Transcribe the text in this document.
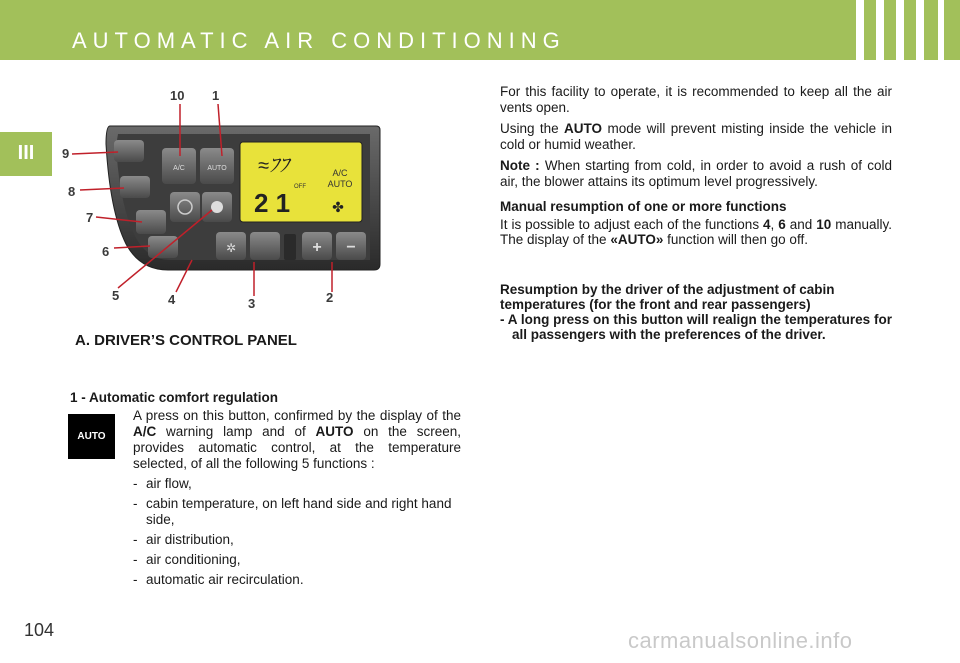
AUTOMATIC AIR CONDITIONING
III
A/C	AUTO ≈ﾌﾌ	A/C
AUTO
OFF
2 1	✤
✲	+ −
10 1
9
8
7
6
5	4	3	2
A. DRIVER’S CONTROL PANEL
1 - Automatic comfort regulation
AUTO

A press on this button, confirmed by the display of the A/C warning lamp and of AUTO on the screen, provides automatic control, at the temperature selected, of all the following 5 functions :

- air flow,
- cabin temperature, on left hand side and right hand side,
- air distribution,
- air conditioning,
- automatic air recirculation.

For this facility to operate, it is recommended to keep all the air vents open.

Using the AUTO mode will prevent misting inside the vehicle in cold or humid weather.

Note : When starting from cold, in order to avoid a rush of cold air, the blower attains its optimum level progressively.

Manual resumption of one or more functions

It is possible to adjust each of the functions 4, 6 and 10 manually. The display of the «AUTO» function will then go off.

Resumption by the driver of the adjustment of cabin temperatures (for the front and rear passengers)

- A long press on this button will realign the temperatures for all passengers with the preferences of the driver.

104	carmanualsonline.info
